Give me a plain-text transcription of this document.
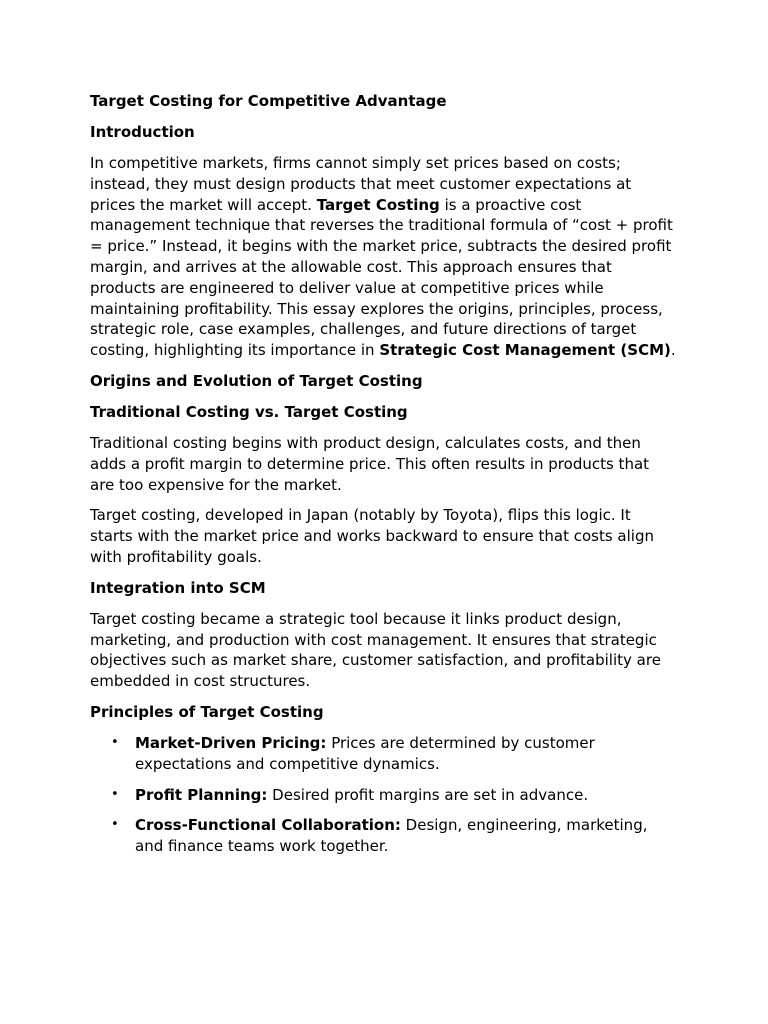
Target Costing for Competitive Advantage
Introduction
In competitive markets, firms cannot simply set prices based on costs; instead, they must design products that meet customer expectations at prices the market will accept. Target Costing is a proactive cost management technique that reverses the traditional formula of “cost + profit = price.” Instead, it begins with the market price, subtracts the desired profit margin, and arrives at the allowable cost. This approach ensures that products are engineered to deliver value at competitive prices while maintaining profitability. This essay explores the origins, principles, process, strategic role, case examples, challenges, and future directions of target costing, highlighting its importance in Strategic Cost Management (SCM).
Origins and Evolution of Target Costing
Traditional Costing vs. Target Costing
Traditional costing begins with product design, calculates costs, and then adds a profit margin to determine price. This often results in products that are too expensive for the market.
Target costing, developed in Japan (notably by Toyota), flips this logic. It starts with the market price and works backward to ensure that costs align with profitability goals.
Integration into SCM
Target costing became a strategic tool because it links product design, marketing, and production with cost management. It ensures that strategic objectives such as market share, customer satisfaction, and profitability are embedded in cost structures.
Principles of Target Costing
• Market-Driven Pricing: Prices are determined by customer expectations and competitive dynamics.
• Profit Planning: Desired profit margins are set in advance.
• Cross-Functional Collaboration: Design, engineering, marketing, and finance teams work together.
